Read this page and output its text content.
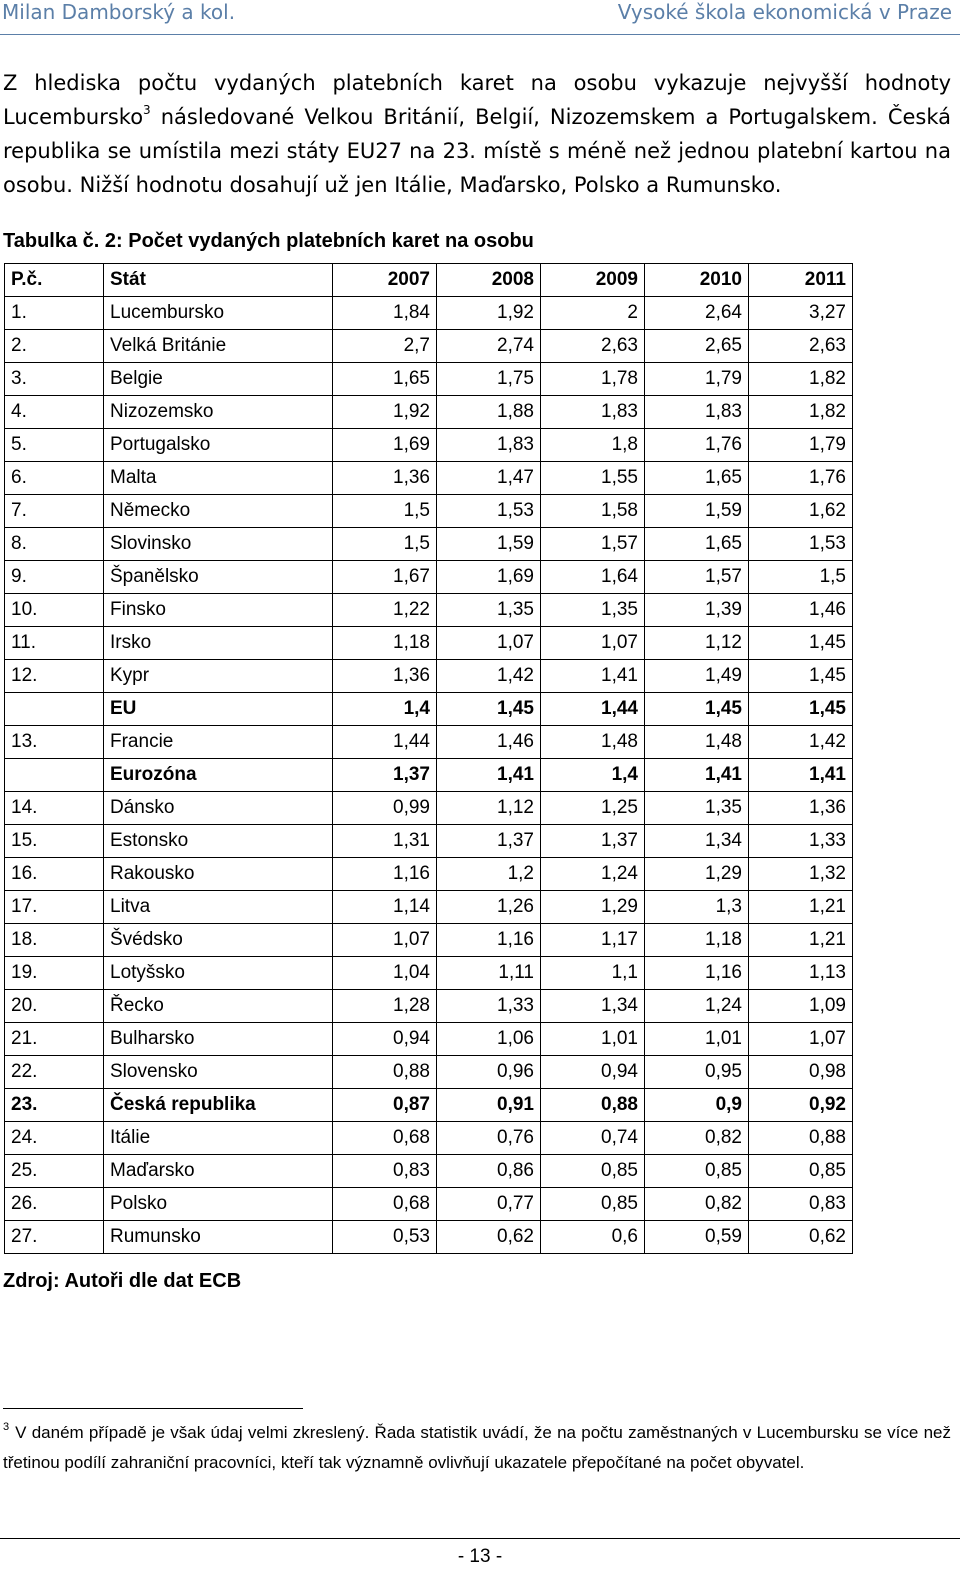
Milan Damborský a kol.	Vysoké škola ekonomická v Praze

Z hlediska počtu vydaných platebních karet na osobu vykazuje nejvyšší hodnoty Lucembursko$^3$ následované Velkou Británií, Belgií, Nizozemskem a Portugalskem. Česká republika se umístila mezi státy EU27 na 23. místě s méně než jednou platební kartou na osobu. Nižší hodnotu dosahují už jen Itálie, Maďarsko, Polsko a Rumunsko.

Tabulka č. 2: Počet vydaných platebních karet na osobu
P.č.	Stát	2007	2008	2009	2010	2011
1.	Lucembursko	1,84	1,92	2	2,64	3,27
2.	Velká Británie	2,7	2,74	2,63	2,65	2,63
3.	Belgie	1,65	1,75	1,78	1,79	1,82
4.	Nizozemsko	1,92	1,88	1,83	1,83	1,82
5.	Portugalsko	1,69	1,83	1,8	1,76	1,79
6.	Malta	1,36	1,47	1,55	1,65	1,76
7.	Německo	1,5	1,53	1,58	1,59	1,62
8.	Slovinsko	1,5	1,59	1,57	1,65	1,53
9.	Španělsko	1,67	1,69	1,64	1,57	1,5
10.	Finsko	1,22	1,35	1,35	1,39	1,46
11.	Irsko	1,18	1,07	1,07	1,12	1,45
12.	Kypr	1,36	1,42	1,41	1,49	1,45
	EU	1,4	1,45	1,44	1,45	1,45
13.	Francie	1,44	1,46	1,48	1,48	1,42
	Eurozóna	1,37	1,41	1,4	1,41	1,41
14.	Dánsko	0,99	1,12	1,25	1,35	1,36
15.	Estonsko	1,31	1,37	1,37	1,34	1,33
16.	Rakousko	1,16	1,2	1,24	1,29	1,32
17.	Litva	1,14	1,26	1,29	1,3	1,21
18.	Švédsko	1,07	1,16	1,17	1,18	1,21
19.	Lotyšsko	1,04	1,11	1,1	1,16	1,13
20.	Řecko	1,28	1,33	1,34	1,24	1,09
21.	Bulharsko	0,94	1,06	1,01	1,01	1,07
22.	Slovensko	0,88	0,96	0,94	0,95	0,98
23.	Česká republika	0,87	0,91	0,88	0,9	0,92
24.	Itálie	0,68	0,76	0,74	0,82	0,88
25.	Maďarsko	0,83	0,86	0,85	0,85	0,85
26.	Polsko	0,68	0,77	0,85	0,82	0,83
27.	Rumunsko	0,53	0,62	0,6	0,59	0,62
Zdroj: Autoři dle dat ECB
$^3$ V daném případě je však údaj velmi zkreslený. Řada statistik uvádí, že na počtu zaměstnaných v Lucembursku se více než třetinou podílí zahraniční pracovníci, kteří tak významně ovlivňují ukazatele přepočítané na počet obyvatel.
- 13 -
